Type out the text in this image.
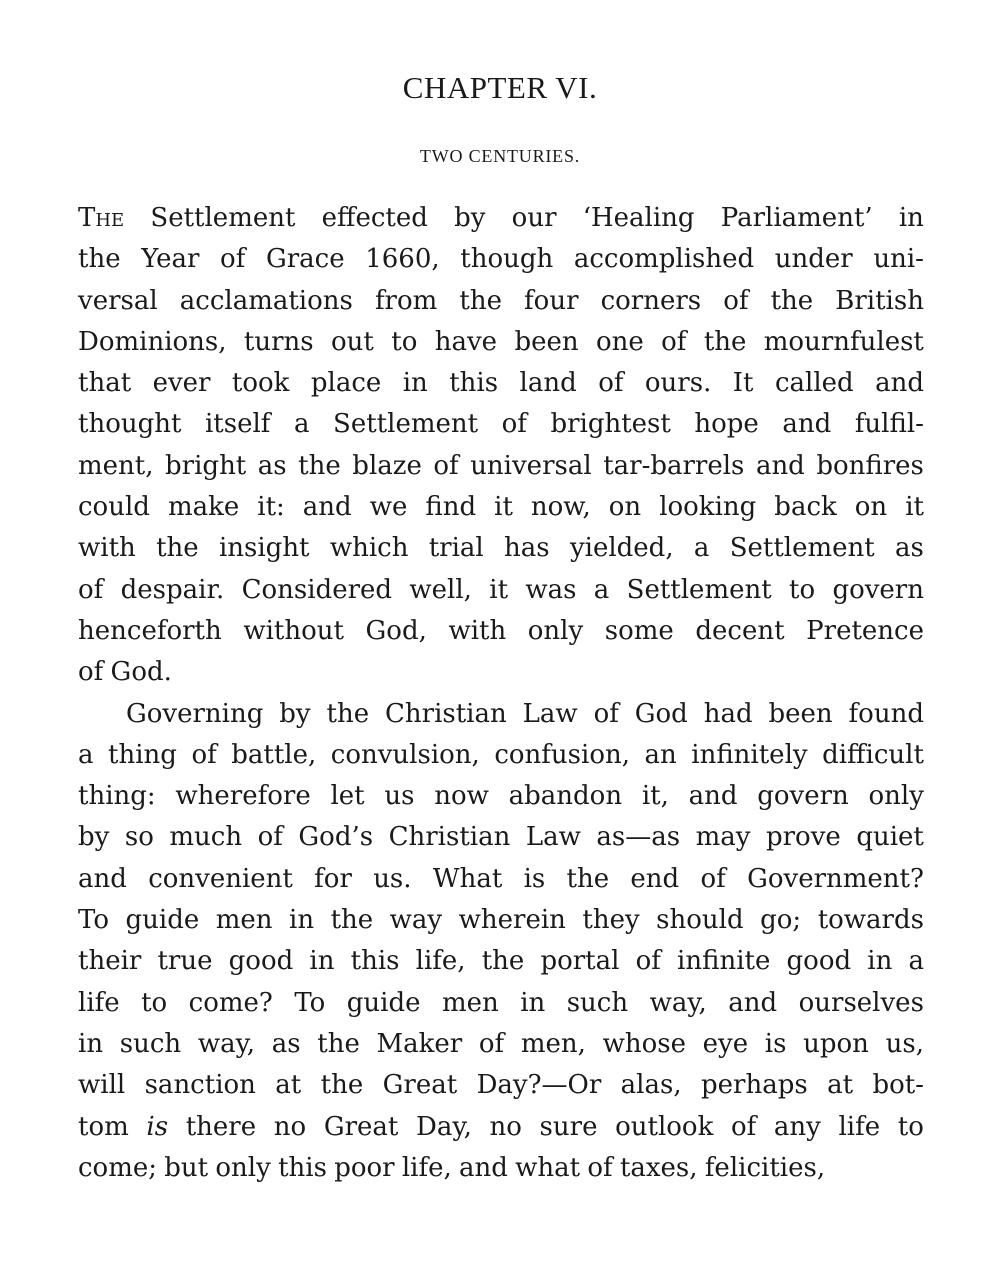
CHAPTER VI.
TWO CENTURIES.
The Settlement effected by our ‘Healing Parliament’ in
the Year of Grace 1660, though accomplished under uni-
versal acclamations from the four corners of the British
Dominions, turns out to have been one of the mournfulest
that ever took place in this land of ours. It called and
thought itself a Settlement of brightest hope and fulfil-
ment, bright as the blaze of universal tar-barrels and bonfires
could make it: and we find it now, on looking back on it
with the insight which trial has yielded, a Settlement as
of despair. Considered well, it was a Settlement to govern
henceforth without God, with only some decent Pretence
of God.
Governing by the Christian Law of God had been found
a thing of battle, convulsion, confusion, an infinitely difficult
thing: wherefore let us now abandon it, and govern only
by so much of God’s Christian Law as—as may prove quiet
and convenient for us. What is the end of Government?
To guide men in the way wherein they should go; towards
their true good in this life, the portal of infinite good in a
life to come? To guide men in such way, and ourselves
in such way, as the Maker of men, whose eye is upon us,
will sanction at the Great Day?—Or alas, perhaps at bot-
tom is there no Great Day, no sure outlook of any life to
come; but only this poor life, and what of taxes, felicities,
